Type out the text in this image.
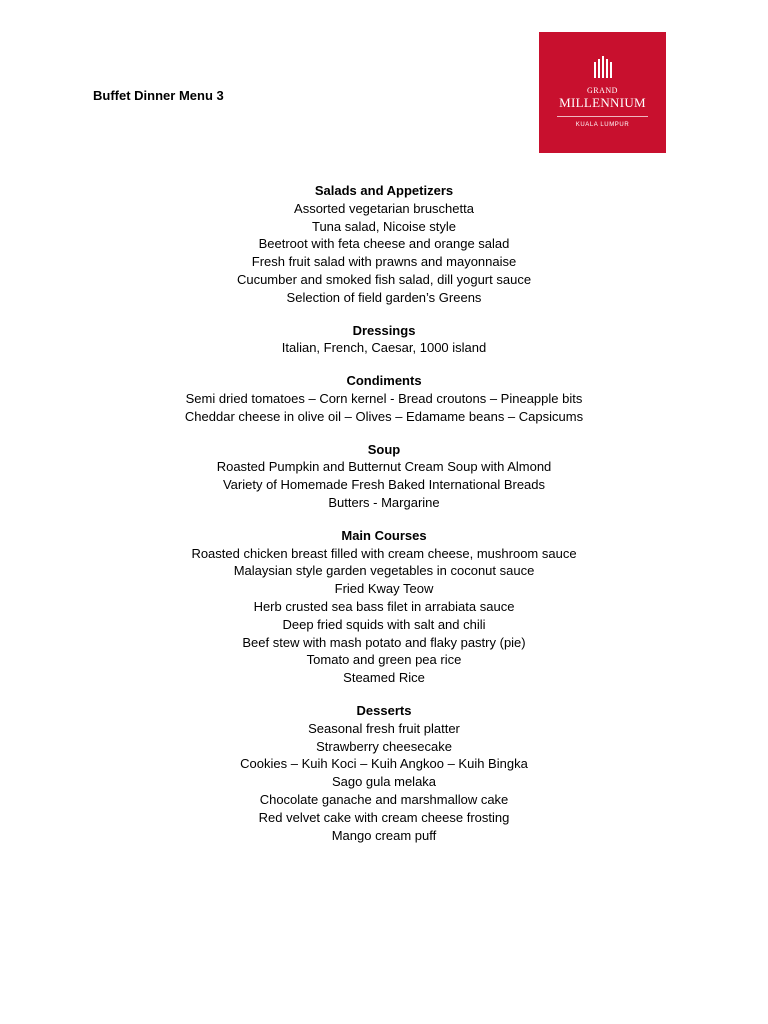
Buffet Dinner Menu 3	GRAND
MILLENNIUM
KUALA LUMPUR
Salads and Appetizers
Assorted vegetarian bruschetta
Tuna salad, Nicoise style
Beetroot with feta cheese and orange salad
Fresh fruit salad with prawns and mayonnaise
Cucumber and smoked fish salad, dill yogurt sauce
Selection of field garden’s Greens
Dressings
Italian, French, Caesar, 1000 island
Condiments
Semi dried tomatoes – Corn kernel - Bread croutons – Pineapple bits
Cheddar cheese in olive oil – Olives – Edamame beans – Capsicums
Soup
Roasted Pumpkin and Butternut Cream Soup with Almond
Variety of Homemade Fresh Baked International Breads
Butters - Margarine
Main Courses
Roasted chicken breast filled with cream cheese, mushroom sauce
Malaysian style garden vegetables in coconut sauce
Fried Kway Teow
Herb crusted sea bass filet in arrabiata sauce
Deep fried squids with salt and chili
Beef stew with mash potato and flaky pastry (pie)
Tomato and green pea rice
Steamed Rice
Desserts
Seasonal fresh fruit platter
Strawberry cheesecake
Cookies – Kuih Koci – Kuih Angkoo – Kuih Bingka
Sago gula melaka
Chocolate ganache and marshmallow cake
Red velvet cake with cream cheese frosting
Mango cream puff
